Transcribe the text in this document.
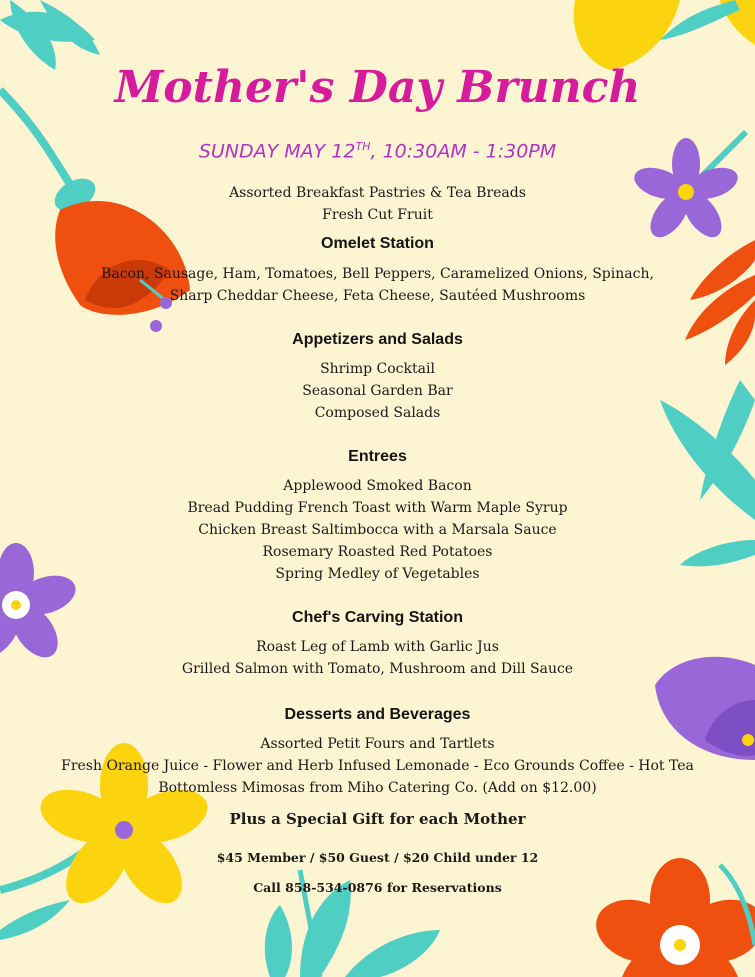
Mother's Day Brunch
SUNDAY MAY 12TH, 10:30AM - 1:30PM
Assorted Breakfast Pastries & Tea Breads
Fresh Cut Fruit
Omelet Station
Bacon, Sausage, Ham, Tomatoes, Bell Peppers, Caramelized Onions, Spinach,
Sharp Cheddar Cheese, Feta Cheese, Sautéed Mushrooms
Appetizers and Salads
Shrimp Cocktail
Seasonal Garden Bar
Composed Salads
Entrees
Applewood Smoked Bacon
Bread Pudding French Toast with Warm Maple Syrup
Chicken Breast Saltimbocca with a Marsala Sauce
Rosemary Roasted Red Potatoes
Spring Medley of Vegetables
Chef's Carving Station
Roast Leg of Lamb with Garlic Jus
Grilled Salmon with Tomato, Mushroom and Dill Sauce
Desserts and Beverages
Assorted Petit Fours and Tartlets
Fresh Orange Juice - Flower and Herb Infused Lemonade - Eco Grounds Coffee - Hot Tea
Bottomless Mimosas from Miho Catering Co. (Add on $12.00)
Plus a Special Gift for each Mother
$45 Member / $50 Guest / $20 Child under 12
Call 858-534-0876 for Reservations
